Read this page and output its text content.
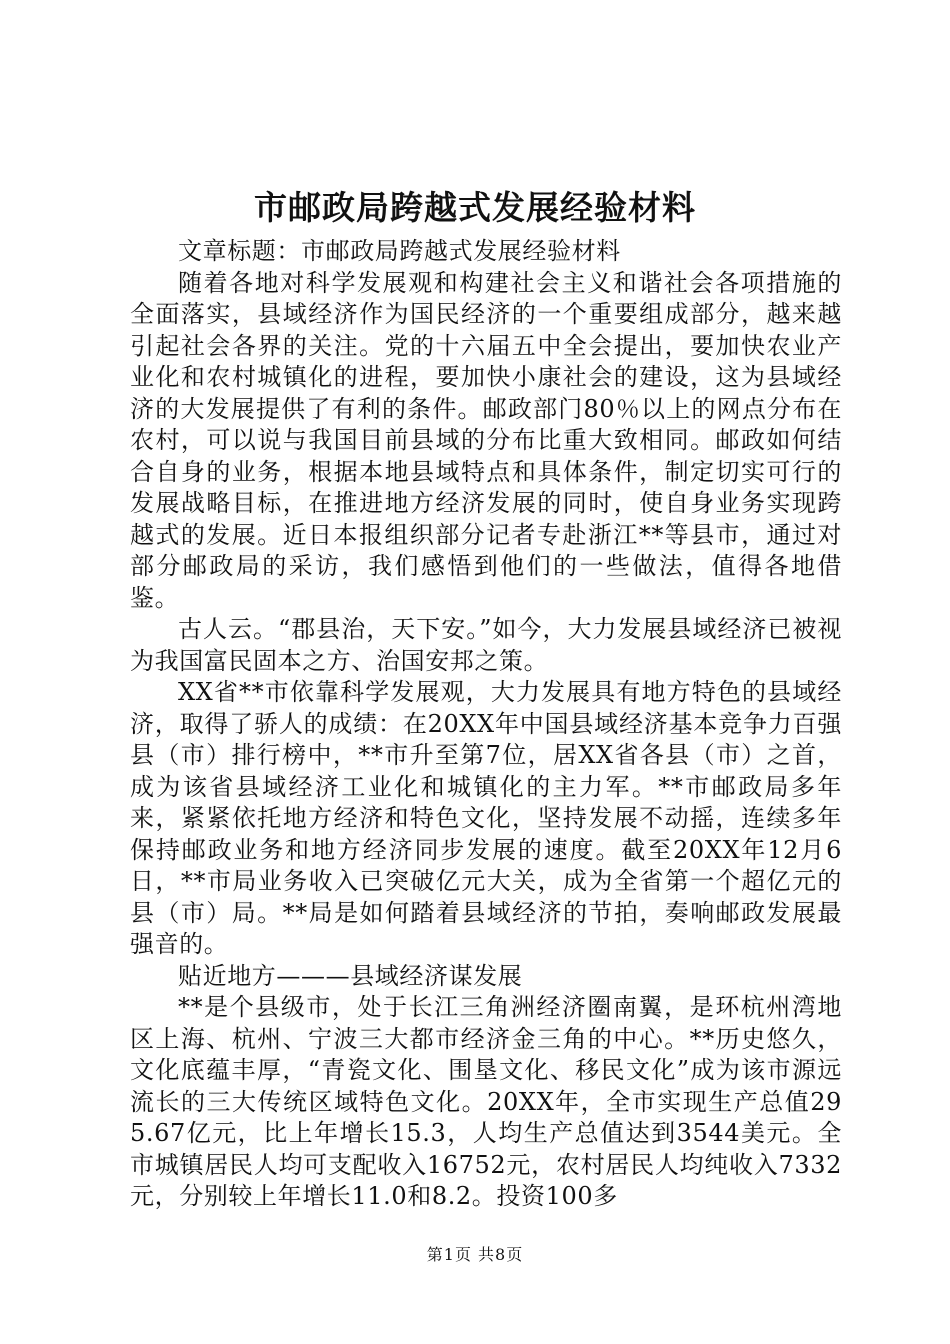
市邮政局跨越式发展经验材料

文章标题：市邮政局跨越式发展经验材料

随着各地对科学发展观和构建社会主义和谐社会各项措施的全面落实，县域经济作为国民经济的一个重要组成部分，越来越引起社会各界的关注。党的十六届五中全会提出，要加快农业产业化和农村城镇化的进程，要加快小康社会的建设，这为县域经济的大发展提供了有利的条件。邮政部门80％以上的网点分布在农村，可以说与我国目前县域的分布比重大致相同。邮政如何结合自身的业务，根据本地县域特点和具体条件，制定切实可行的发展战略目标，在推进地方经济发展的同时，使自身业务实现跨越式的发展。近日本报组织部分记者专赴浙江**等县市，通过对部分邮政局的采访，我们感悟到他们的一些做法，值得各地借鉴。

古人云。“郡县治，天下安。”如今，大力发展县域经济已被视为我国富民固本之方、治国安邦之策。

XX省**市依靠科学发展观，大力发展具有地方特色的县域经济，取得了骄人的成绩：在20XX年中国县域经济基本竞争力百强县（市）排行榜中，**市升至第7位，居XX省各县（市）之首，成为该省县域经济工业化和城镇化的主力军。**市邮政局多年来，紧紧依托地方经济和特色文化，坚持发展不动摇，连续多年保持邮政业务和地方经济同步发展的速度。截至20XX年12月6日，**市局业务收入已突破亿元大关，成为全省第一个超亿元的县（市）局。**局是如何踏着县域经济的节拍，奏响邮政发展最强音的。

贴近地方———县域经济谋发展

**是个县级市，处于长江三角洲经济圈南翼，是环杭州湾地区上海、杭州、宁波三大都市经济金三角的中心。**历史悠久，文化底蕴丰厚，“青瓷文化、围垦文化、移民文化”成为该市源远流长的三大传统区域特色文化。20XX年，全市实现生产总值295.67亿元，比上年增长15.3，人均生产总值达到3544美元。全市城镇居民人均可支配收入16752元，农村居民人均纯收入7332元，分别较上年增长11.0和8.2。投资100多

第1页 共8页
